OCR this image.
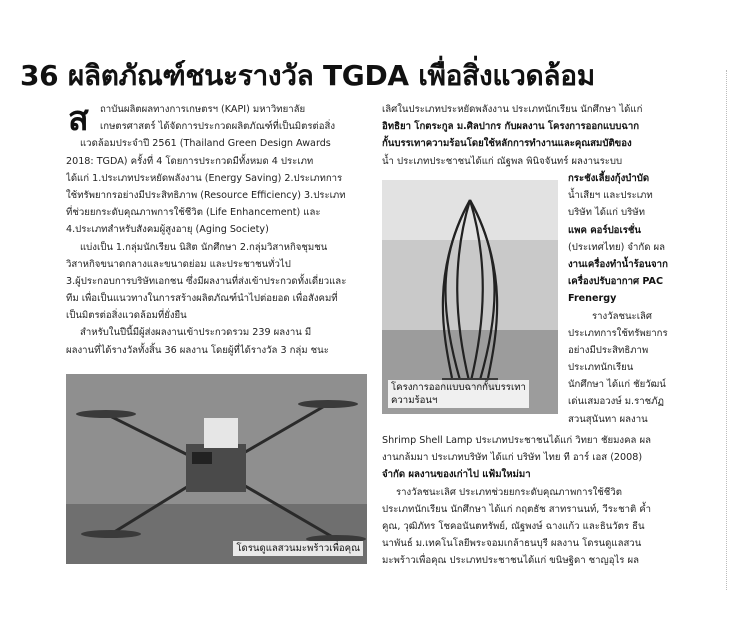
36 ผลิตภัณฑ์ชนะรางวัล TGDA เพื่อสิ่งแวดล้อม
ส	ถาบันผลิตผลทางการเกษตรฯ (KAPI) มหาวิทยาลัย
เกษตรศาสตร์ ได้จัดการประกวดผลิตภัณฑ์ที่เป็นมิตรต่อสิ่ง
แวดล้อมประจำปี 2561 (Thailand Green Design Awards
2018: TGDA) ครั้งที่ 4 โดยการประกวดมีทั้งหมด 4 ประเภท
ได้แก่ 1.ประเภทประหยัดพลังงาน (Energy Saving) 2.ประเภทการ
ใช้ทรัพยากรอย่างมีประสิทธิภาพ (Resource Efficiency) 3.ประเภท
ที่ช่วยยกระดับคุณภาพการใช้ชีวิต (Life Enhancement) และ
4.ประเภทสำหรับสังคมผู้สูงอายุ (Aging Society)
แบ่งเป็น 1.กลุ่มนักเรียน นิสิต นักศึกษา 2.กลุ่มวิสาหกิจชุมชน
วิสาหกิจขนาดกลางและขนาดย่อม และประชาชนทั่วไป
3.ผู้ประกอบการบริษัทเอกชน ซึ่งมีผลงานที่ส่งเข้าประกวดทั้งเดี่ยวและ
ทีม เพื่อเป็นแนวทางในการสร้างผลิตภัณฑ์นำไปต่อยอด เพื่อสังคมที่
เป็นมิตรต่อสิ่งแวดล้อมที่ยั่งยืน
สำหรับในปีนี้มีผู้ส่งผลงานเข้าประกวดรวม 239 ผลงาน มี
ผลงานที่ได้รางวัลทั้งสิ้น 36 ผลงาน โดยผู้ที่ได้รางวัล 3 กลุ่ม ชนะ
โดรนดูแลสวนมะพร้าวเพื่อคุณ
เลิศในประเภทประหยัดพลังงาน ประเภทนักเรียน นักศึกษา ได้แก่
อิทธิยา โกตระกูล ม.ศิลปากร กับผลงาน โครงการออกแบบฉาก
กั้นบรรเทาความร้อนโดยใช้หลักการทำงานและคุณสมบัติของ
น้ำ ประเภทประชาชนได้แก่ ณัฐพล พินิจจันทร์ ผลงานระบบ
โครงการออกแบบฉากกั้นบรรเทา
ความร้อนฯ
กระชังเลี้ยงกุ้งบำบัด
น้ำเสียฯ และประเภท
บริษัท ได้แก่ บริษัท
แพค คอร์ปอเรชั่น
(ประเทศไทย) จำกัด ผล
งานเครื่องทำน้ำร้อนจาก
เครื่องปรับอากาศ PAC
Frenergy
รางวัลชนะเลิศ
ประเภทการใช้ทรัพยากร
อย่างมีประสิทธิภาพ
ประเภทนักเรียน
นักศึกษา ได้แก่ ชัยวัฒน์
เด่นเสมอวงษ์ ม.ราชภัฏ
สวนสุนันทา ผลงาน
Shrimp Shell Lamp ประเภทประชาชนได้แก่ วิทยา ชัยมงคล ผล
งานกล้มมา ประเภทบริษัท ได้แก่ บริษัท ไทย ที อาร์ เอส (2008)
จำกัด ผลงานของเก่าไป แฟ้มใหม่มา
รางวัลชนะเลิศ ประเภทช่วยยกระดับคุณภาพการใช้ชีวิต
ประเภทนักเรียน นักศึกษา ได้แก่ กฤตธัช สาทรานนท์, วีระชาติ ค้ำ
คูณ, วุฒิภัทร โชคอนันตทรัพย์, ณัฐพงษ์ ฉางแก้ว และธินวัตร ธีน
นาพันธ์ ม.เทคโนโลยีพระจอมเกล้าธนบุรี ผลงาน โดรนดูแลสวน
มะพร้าวเพื่อคุณ ประเภทประชาชนได้แก่ ขนิษฐิดา ชาญอุไร ผล
